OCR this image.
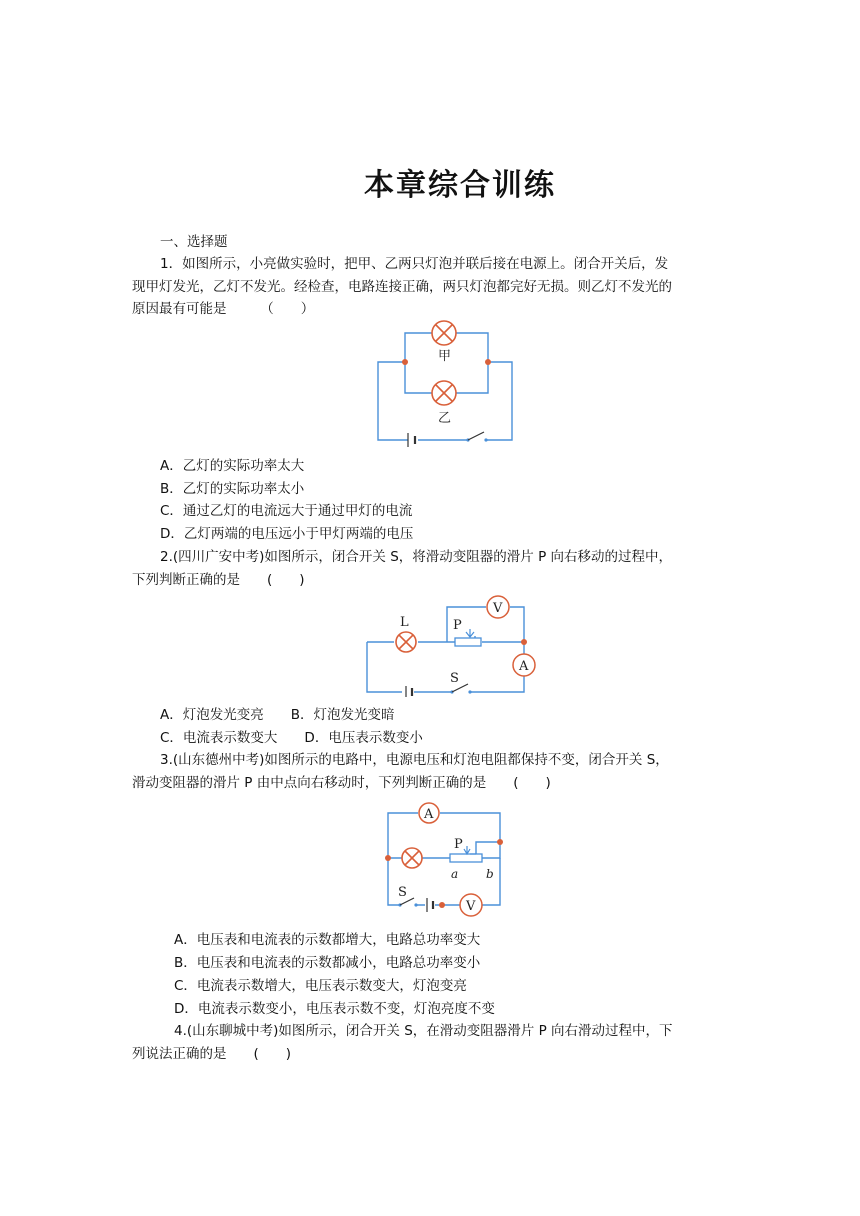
本章综合训练
一、选择题
1．如图所示，小亮做实验时，把甲、乙两只灯泡并联后接在电源上。闭合开关后，发
现甲灯发光，乙灯不发光。经检查，电路连接正确，两只灯泡都完好无损。则乙灯不发光的
原因最有可能是　　　（　　）
甲
乙
A．乙灯的实际功率太大
B．乙灯的实际功率太小
C．通过乙灯的电流远大于通过甲灯的电流
D．乙灯两端的电压远小于甲灯两端的电压
2.(四川广安中考)如图所示，闭合开关 S，将滑动变阻器的滑片 P 向右移动的过程中，
下列判断正确的是　　(　　)
P
L
V
A
S
A．灯泡发光变亮　　B．灯泡发光变暗
C．电流表示数变大　　D．电压表示数变小
3.(山东德州中考)如图所示的电路中，电源电压和灯泡电阻都保持不变，闭合开关 S，
滑动变阻器的滑片 P 由中点向右移动时，下列判断正确的是　　(　　)
P
a b
A
V
S
A．电压表和电流表的示数都增大，电路总功率变大
B．电压表和电流表的示数都减小，电路总功率变小
C．电流表示数增大，电压表示数变大，灯泡变亮
D．电流表示数变小，电压表示数不变，灯泡亮度不变
4.(山东聊城中考)如图所示，闭合开关 S，在滑动变阻器滑片 P 向右滑动过程中，下
列说法正确的是　　(　　)
